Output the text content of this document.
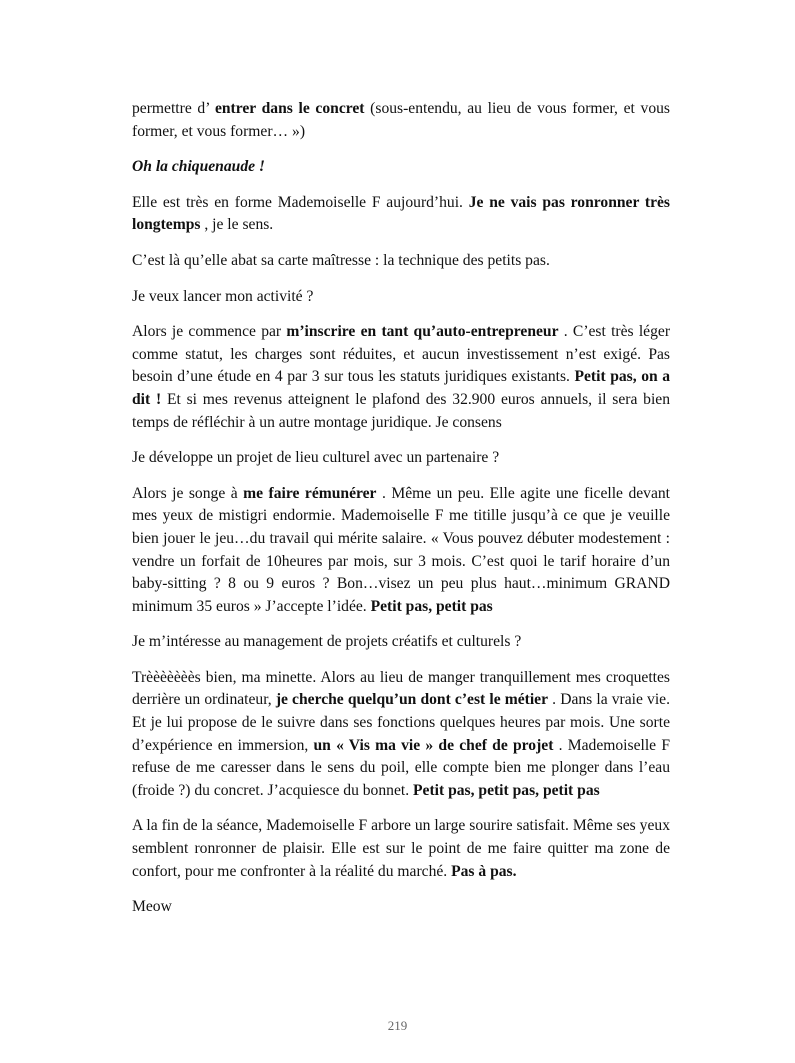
permettre d’ entrer dans le concret (sous-entendu, au lieu de vous former, et vous former, et vous former… »)

Oh la chiquenaude !

Elle est très en forme Mademoiselle F aujourd’hui. Je ne vais pas ronronner très longtemps , je le sens.

C’est là qu’elle abat sa carte maîtresse : la technique des petits pas.

Je veux lancer mon activité ?

Alors je commence par m’inscrire en tant qu’auto-entrepreneur . C’est très léger comme statut, les charges sont réduites, et aucun investissement n’est exigé. Pas besoin d’une étude en 4 par 3 sur tous les statuts juridiques existants. Petit pas, on a dit ! Et si mes revenus atteignent le plafond des 32.900 euros annuels, il sera bien temps de réfléchir à un autre montage juridique. Je consens

Je développe un projet de lieu culturel avec un partenaire ?

Alors je songe à me faire rémunérer . Même un peu. Elle agite une ficelle devant mes yeux de mistigri endormie. Mademoiselle F me titille jusqu’à ce que je veuille bien jouer le jeu…du travail qui mérite salaire. « Vous pouvez débuter modestement : vendre un forfait de 10heures par mois, sur 3 mois. C’est quoi le tarif horaire d’un baby-sitting ? 8 ou 9 euros ? Bon…visez un peu plus haut…minimum GRAND minimum 35 euros » J’accepte l’idée. Petit pas, petit pas

Je m’intéresse au management de projets créatifs et culturels ?

Trèèèèèèès bien, ma minette. Alors au lieu de manger tranquillement mes croquettes derrière un ordinateur, je cherche quelqu’un dont c’est le métier . Dans la vraie vie. Et je lui propose de le suivre dans ses fonctions quelques heures par mois. Une sorte d’expérience en immersion, un « Vis ma vie » de chef de projet . Mademoiselle F refuse de me caresser dans le sens du poil, elle compte bien me plonger dans l’eau (froide ?) du concret. J’acquiesce du bonnet. Petit pas, petit pas, petit pas

A la fin de la séance, Mademoiselle F arbore un large sourire satisfait. Même ses yeux semblent ronronner de plaisir. Elle est sur le point de me faire quitter ma zone de confort, pour me confronter à la réalité du marché. Pas à pas.

Meow

219
